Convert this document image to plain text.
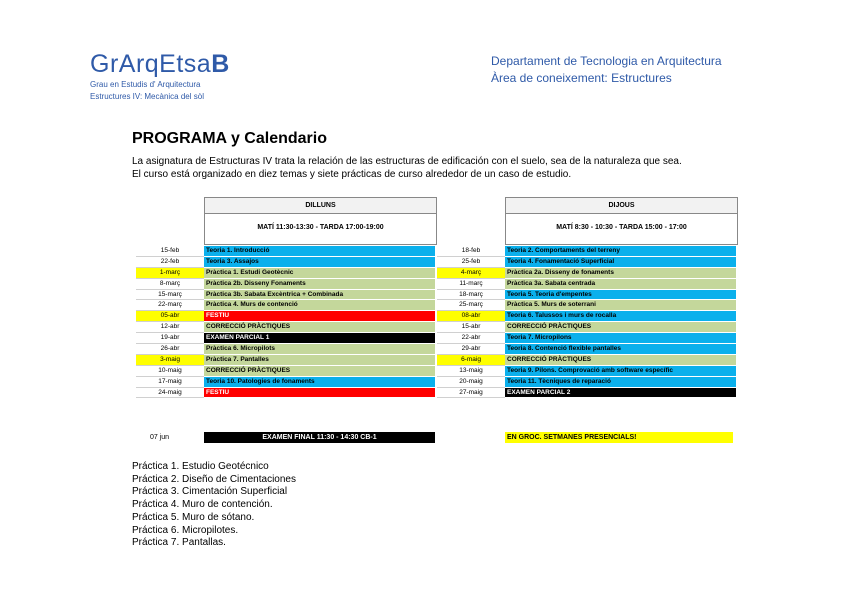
GrArqEtsaB
Grau en Estudis d' Arquitectura
Estructures IV: Mecànica del sòl
Departament de Tecnologia en Arquitectura
Àrea de coneixement: Estructures
PROGRAMA y Calendario
La asignatura de Estructuras IV trata la relación de las estructuras de edificación con el suelo, sea de la naturaleza que sea.
El curso está organizado en diez temas y siete prácticas de curso alrededor de un caso de estudio.
DILLUNS
MATÍ 11:30-13:30 - TARDA 17:00-19:00
DIJOUS
MATÍ 8:30 - 10:30 - TARDA 15:00 - 17:00
15-feb	Teoria 1. Introducció
22-feb	Teoria 3. Assajos
1-març	Pràctica 1. Estudi Geotècnic
8-març	Pràctica 2b. Disseny Fonaments
15-març	Pràctica 3b. Sabata Excèntrica + Combinada
22-març	Pràctica 4. Murs de contenció
05-abr	FESTIU
12-abr	CORRECCIÓ PRÀCTIQUES
19-abr	EXAMEN PARCIAL 1
26-abr	Pràctica 6. Micropilots
3-maig	Pràctica 7. Pantalles
10-maig	CORRECCIÓ PRÀCTIQUES
17-maig	Teoria 10. Patologies de fonaments
24-maig	FESTIU
18-feb	Teoria 2. Comportaments del terreny
25-feb	Teoria 4. Fonamentació Superficial
4-març	Pràctica 2a. Disseny de fonaments
11-març	Pràctica 3a. Sabata centrada
18-març	Teoria 5. Teoria d'empentes
25-març	Pràctica 5. Murs de soterrani
08-abr	Teoria 6. Talussos i murs de rocalla
15-abr	CORRECCIÓ PRÀCTIQUES
22-abr	Teoria 7. Micropilons
29-abr	Teoria 8. Contenció flexible pantalles
6-maig	CORRECCIÓ PRÀCTIQUES
13-maig	Teoria 9. Pilons. Comprovació amb software específic
20-maig	Teoria 11. Tècniques de reparació
27-maig	EXAMEN PARCIAL 2
07 jun	EXAMEN FINAL 11:30 - 14:30 CB-1	EN GROC. SETMANES PRESENCIALS!
Práctica 1. Estudio Geotécnico
Práctica 2. Diseño de Cimentaciones
Práctica 3. Cimentación Superficial
Práctica 4. Muro de contención.
Práctica 5. Muro de sótano.
Práctica 6. Micropilotes.
Práctica 7. Pantallas.
